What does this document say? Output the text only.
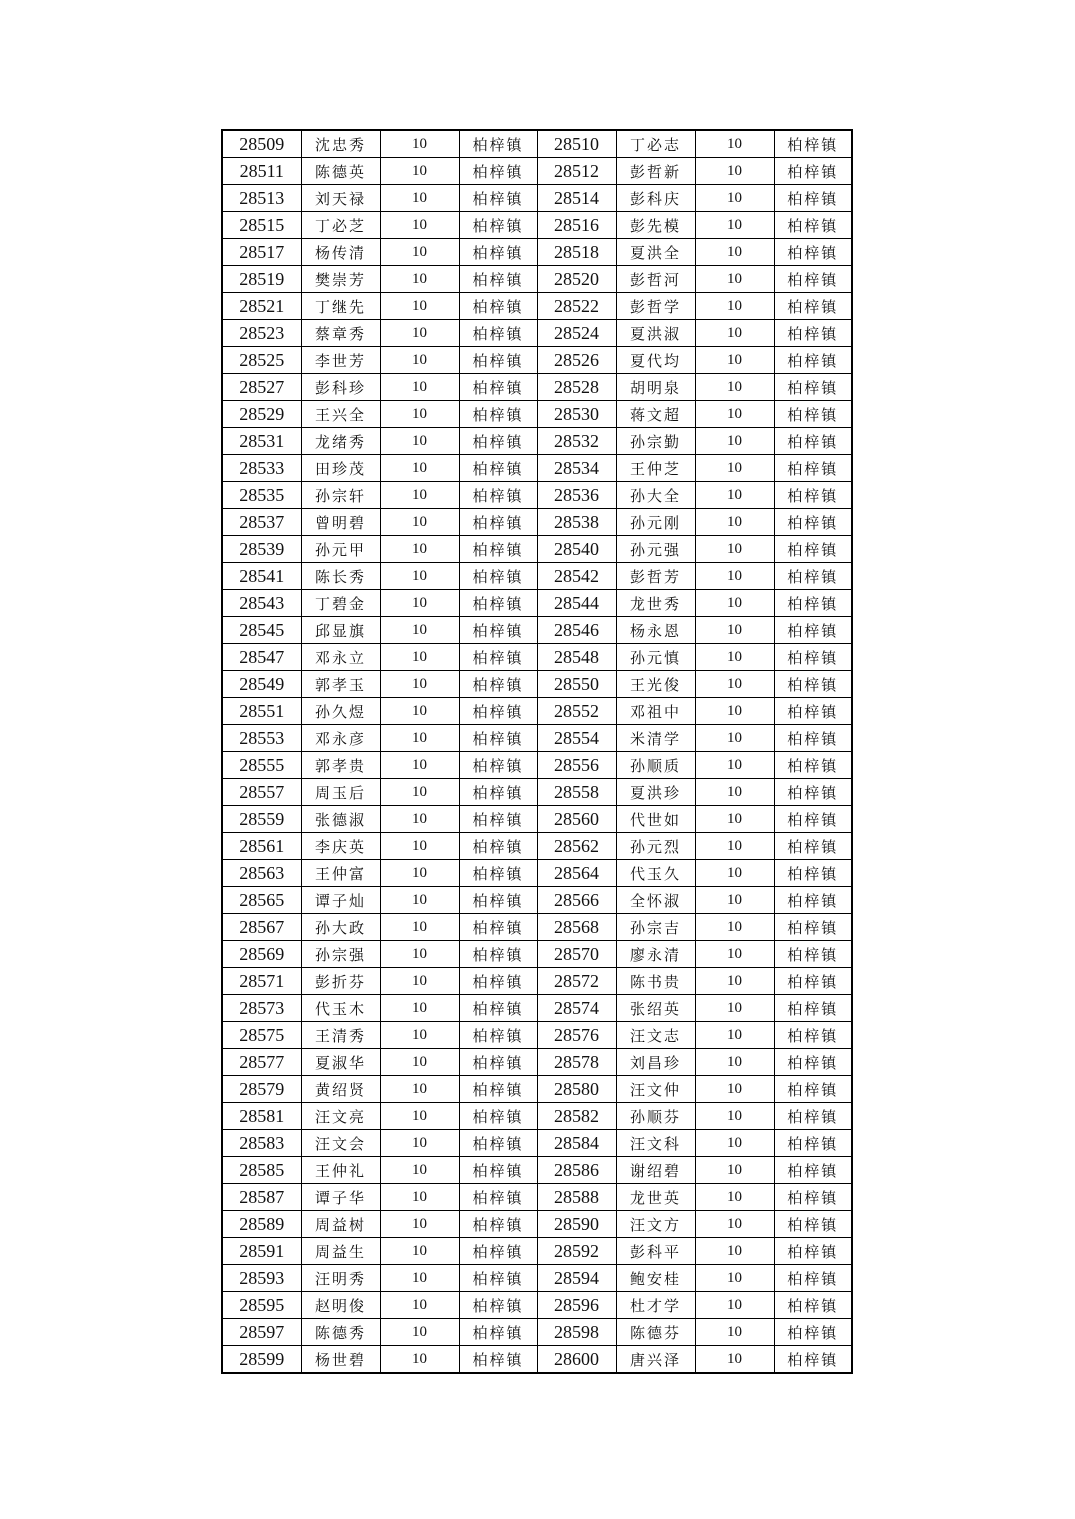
28509	沈忠秀	10	柏梓镇	28510	丁必志	10	柏梓镇
28511	陈德英	10	柏梓镇	28512	彭哲新	10	柏梓镇
28513	刘天禄	10	柏梓镇	28514	彭科庆	10	柏梓镇
28515	丁必芝	10	柏梓镇	28516	彭先模	10	柏梓镇
28517	杨传清	10	柏梓镇	28518	夏洪全	10	柏梓镇
28519	樊崇芳	10	柏梓镇	28520	彭哲河	10	柏梓镇
28521	丁继先	10	柏梓镇	28522	彭哲学	10	柏梓镇
28523	蔡章秀	10	柏梓镇	28524	夏洪淑	10	柏梓镇
28525	李世芳	10	柏梓镇	28526	夏代均	10	柏梓镇
28527	彭科珍	10	柏梓镇	28528	胡明泉	10	柏梓镇
28529	王兴全	10	柏梓镇	28530	蒋文超	10	柏梓镇
28531	龙绪秀	10	柏梓镇	28532	孙宗勤	10	柏梓镇
28533	田珍茂	10	柏梓镇	28534	王仲芝	10	柏梓镇
28535	孙宗轩	10	柏梓镇	28536	孙大全	10	柏梓镇
28537	曾明碧	10	柏梓镇	28538	孙元刚	10	柏梓镇
28539	孙元甲	10	柏梓镇	28540	孙元强	10	柏梓镇
28541	陈长秀	10	柏梓镇	28542	彭哲芳	10	柏梓镇
28543	丁碧金	10	柏梓镇	28544	龙世秀	10	柏梓镇
28545	邱显旗	10	柏梓镇	28546	杨永恩	10	柏梓镇
28547	邓永立	10	柏梓镇	28548	孙元慎	10	柏梓镇
28549	郭孝玉	10	柏梓镇	28550	王光俊	10	柏梓镇
28551	孙久煜	10	柏梓镇	28552	邓祖中	10	柏梓镇
28553	邓永彦	10	柏梓镇	28554	米清学	10	柏梓镇
28555	郭孝贵	10	柏梓镇	28556	孙顺质	10	柏梓镇
28557	周玉后	10	柏梓镇	28558	夏洪珍	10	柏梓镇
28559	张德淑	10	柏梓镇	28560	代世如	10	柏梓镇
28561	李庆英	10	柏梓镇	28562	孙元烈	10	柏梓镇
28563	王仲富	10	柏梓镇	28564	代玉久	10	柏梓镇
28565	谭子灿	10	柏梓镇	28566	全怀淑	10	柏梓镇
28567	孙大政	10	柏梓镇	28568	孙宗吉	10	柏梓镇
28569	孙宗强	10	柏梓镇	28570	廖永清	10	柏梓镇
28571	彭折芬	10	柏梓镇	28572	陈书贵	10	柏梓镇
28573	代玉木	10	柏梓镇	28574	张绍英	10	柏梓镇
28575	王清秀	10	柏梓镇	28576	汪文志	10	柏梓镇
28577	夏淑华	10	柏梓镇	28578	刘昌珍	10	柏梓镇
28579	黄绍贤	10	柏梓镇	28580	汪文仲	10	柏梓镇
28581	汪文亮	10	柏梓镇	28582	孙顺芬	10	柏梓镇
28583	汪文会	10	柏梓镇	28584	汪文科	10	柏梓镇
28585	王仲礼	10	柏梓镇	28586	谢绍碧	10	柏梓镇
28587	谭子华	10	柏梓镇	28588	龙世英	10	柏梓镇
28589	周益树	10	柏梓镇	28590	汪文方	10	柏梓镇
28591	周益生	10	柏梓镇	28592	彭科平	10	柏梓镇
28593	汪明秀	10	柏梓镇	28594	鲍安桂	10	柏梓镇
28595	赵明俊	10	柏梓镇	28596	杜才学	10	柏梓镇
28597	陈德秀	10	柏梓镇	28598	陈德芬	10	柏梓镇
28599	杨世碧	10	柏梓镇	28600	唐兴泽	10	柏梓镇
